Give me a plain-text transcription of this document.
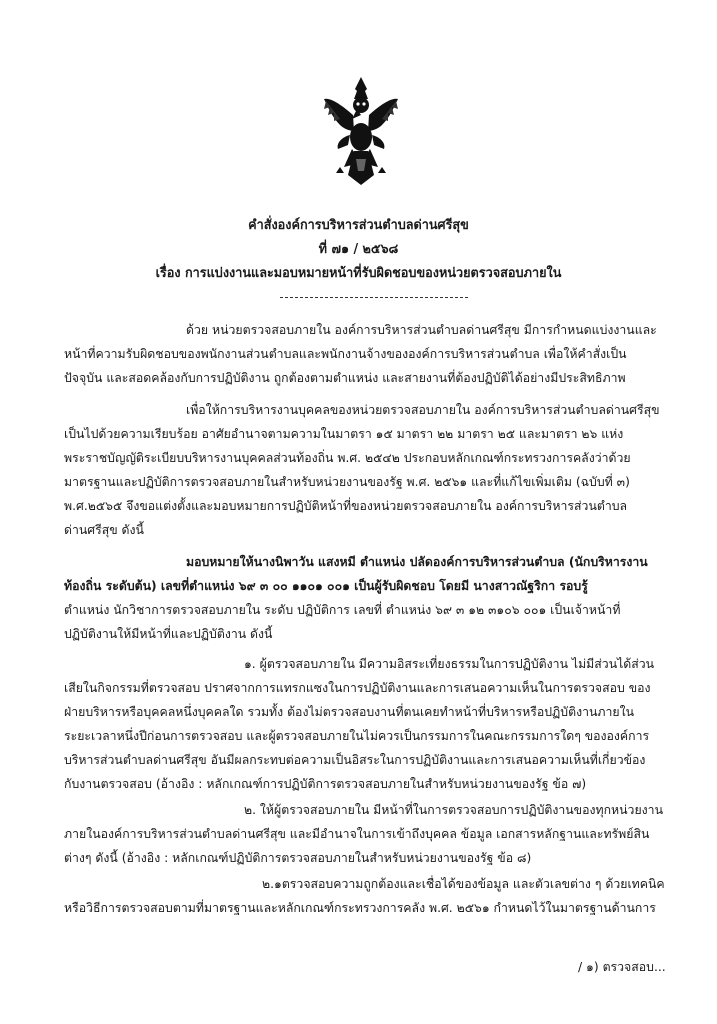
คำสั่งองค์การบริหารส่วนตำบลด่านศรีสุข
ที่ ๗๑ / ๒๕๖๘
เรื่อง การแบ่งงานและมอบหมายหน้าที่รับผิดชอบของหน่วยตรวจสอบภายใน
ด้วย หน่วยตรวจสอบภายใน องค์การบริหารส่วนตำบลด่านศรีสุข มีการกำหนดแบ่งงานและ
หน้าที่ความรับผิดชอบของพนักงานส่วนตำบลและพนักงานจ้างขององค์การบริหารส่วนตำบล เพื่อให้คำสั่งเป็น
ปัจจุบัน และสอดคล้องกับการปฏิบัติงาน ถูกต้องตามตำแหน่ง และสายงานที่ต้องปฏิบัติได้อย่างมีประสิทธิภาพ
เพื่อให้การบริหารงานบุคคลของหน่วยตรวจสอบภายใน องค์การบริหารส่วนตำบลด่านศรีสุข
เป็นไปด้วยความเรียบร้อย อาศัยอำนาจตามความในมาตรา ๑๕ มาตรา ๒๒ มาตรา ๒๕ และมาตรา ๒๖ แห่ง
พระราชบัญญัติระเบียบบริหารงานบุคคลส่วนท้องถิ่น พ.ศ. ๒๕๔๒ ประกอบหลักเกณฑ์กระทรวงการคลังว่าด้วย
มาตรฐานและปฏิบัติการตรวจสอบภายในสำหรับหน่วยงานของรัฐ พ.ศ. ๒๕๖๑ และที่แก้ไขเพิ่มเติม (ฉบับที่ ๓)
พ.ศ.๒๕๖๕ จึงขอแต่งตั้งและมอบหมายการปฏิบัติหน้าที่ของหน่วยตรวจสอบภายใน องค์การบริหารส่วนตำบล
ด่านศรีสุข ดังนี้
มอบหมายให้นางนิพาวัน แสงหมี ตำแหน่ง ปลัดองค์การบริหารส่วนตำบล (นักบริหารงาน
ท้องถิ่น ระดับต้น) เลขที่ตำแหน่ง ๖๙ ๓ ๐๐ ๑๑๐๑ ๐๐๑ เป็นผู้รับผิดชอบ โดยมี นางสาวณัฐริกา รอบรู้
ตำแหน่ง นักวิชาการตรวจสอบภายใน ระดับ ปฏิบัติการ เลขที่ ตำแหน่ง ๖๙ ๓ ๑๒ ๓๑๐๖ ๐๐๑ เป็นเจ้าหน้าที่
ปฏิบัติงานให้มีหน้าที่และปฏิบัติงาน ดังนี้
๑. ผู้ตรวจสอบภายใน มีความอิสระเที่ยงธรรมในการปฏิบัติงาน ไม่มีส่วนได้ส่วน
เสียในกิจกรรมที่ตรวจสอบ ปราศจากการแทรกแซงในการปฏิบัติงานและการเสนอความเห็นในการตรวจสอบ ของ
ฝ่ายบริหารหรือบุคคลหนึ่งบุคคลใด รวมทั้ง ต้องไม่ตรวจสอบงานที่ตนเคยทำหน้าที่บริหารหรือปฏิบัติงานภายใน
ระยะเวลาหนึ่งปีก่อนการตรวจสอบ และผู้ตรวจสอบภายในไม่ควรเป็นกรรมการในคณะกรรมการใดๆ ขององค์การ
บริหารส่วนตำบลด่านศรีสุข อันมีผลกระทบต่อความเป็นอิสระในการปฏิบัติงานและการเสนอความเห็นที่เกี่ยวข้อง
กับงานตรวจสอบ (อ้างอิง : หลักเกณฑ์การปฏิบัติการตรวจสอบภายในสำหรับหน่วยงานของรัฐ ข้อ ๗)
๒. ให้ผู้ตรวจสอบภายใน มีหน้าที่ในการตรวจสอบการปฏิบัติงานของทุกหน่วยงาน
ภายในองค์การบริหารส่วนตำบลด่านศรีสุข และมีอำนาจในการเข้าถึงบุคคล ข้อมูล เอกสารหลักฐานและทรัพย์สิน
ต่างๆ ดังนี้ (อ้างอิง : หลักเกณฑ์ปฏิบัติการตรวจสอบภายในสำหรับหน่วยงานของรัฐ ข้อ ๘)
๒.๑ตรวจสอบความถูกต้องและเชื่อได้ของข้อมูล และตัวเลขต่าง ๆ ด้วยเทคนิค
หรือวิธีการตรวจสอบตามที่มาตรฐานและหลักเกณฑ์กระทรวงการคลัง พ.ศ. ๒๕๖๑ กำหนดไว้ในมาตรฐานด้านการ
/ ๑) ตรวจสอบ...
